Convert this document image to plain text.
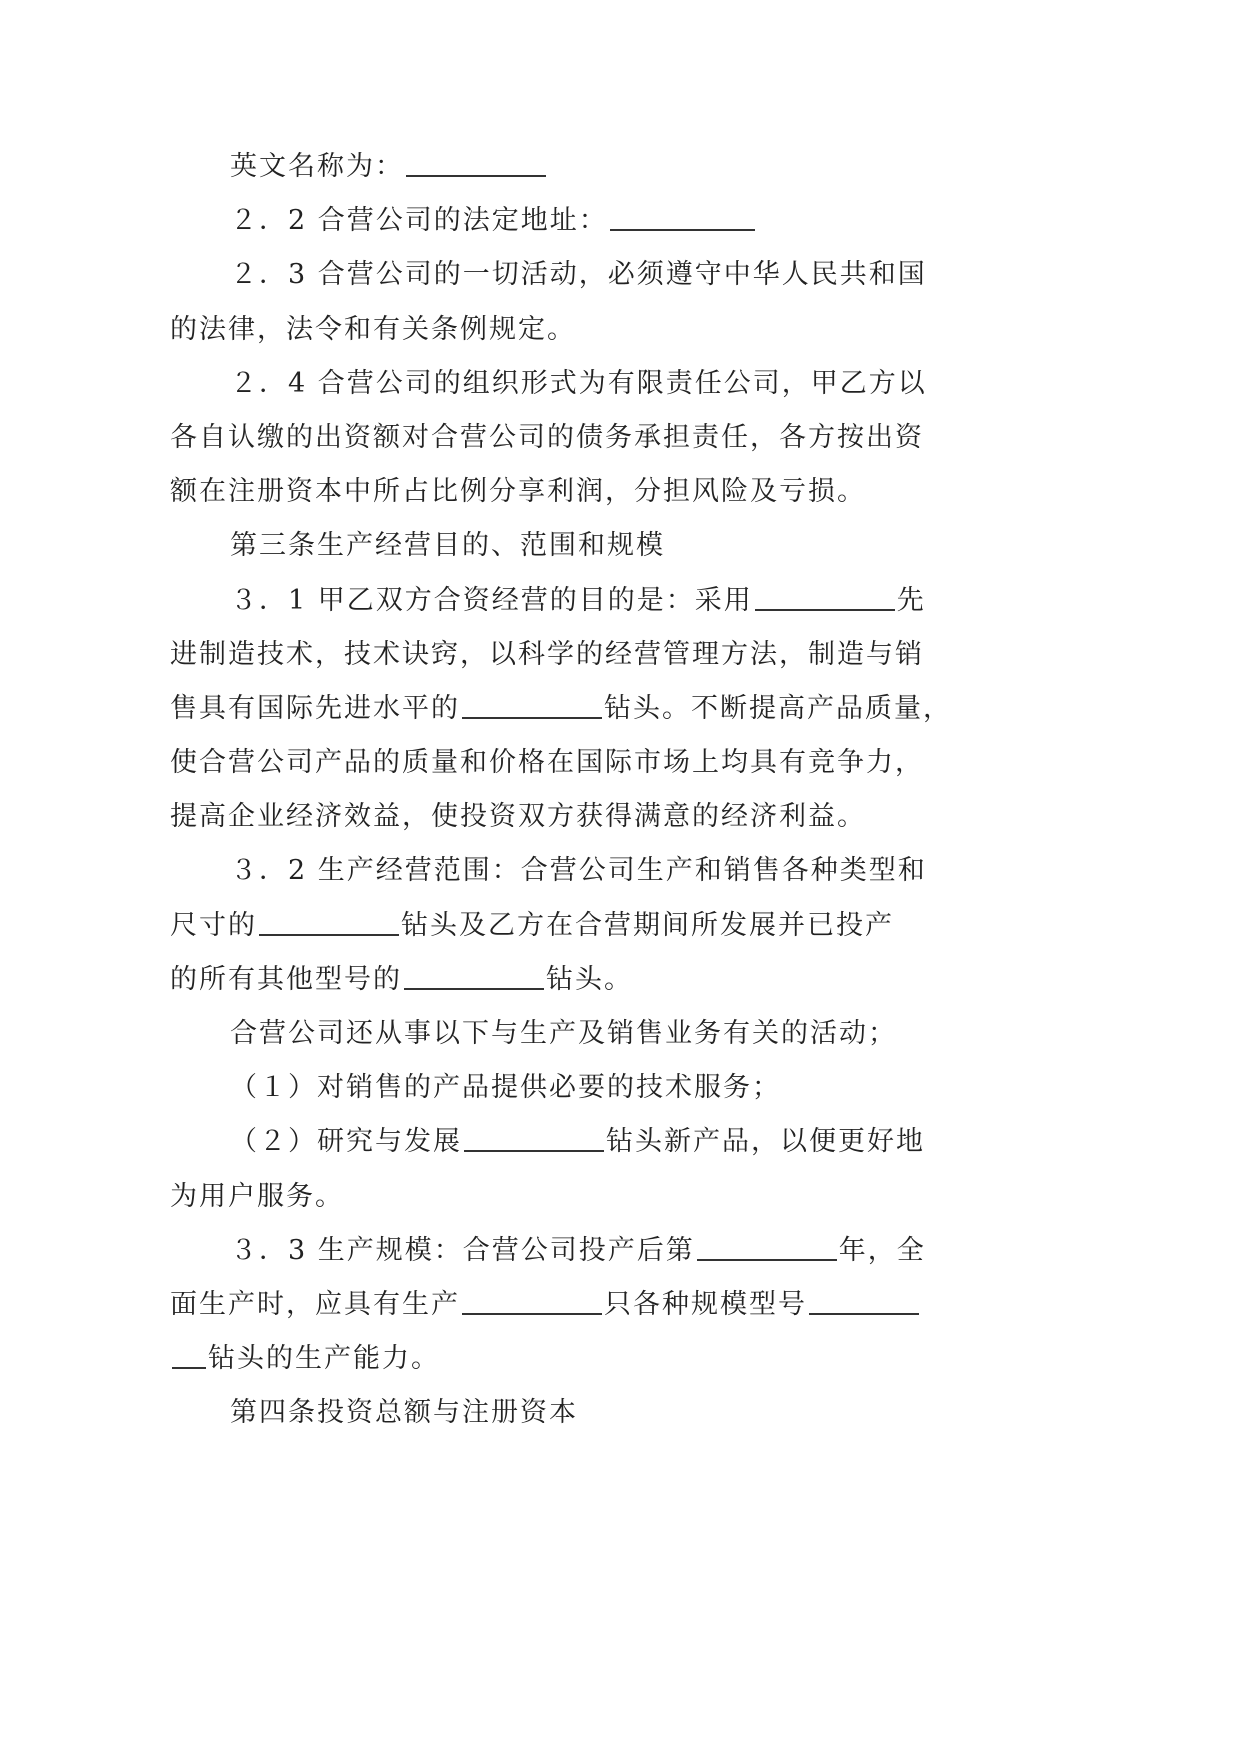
英文名称为：
２．2 合营公司的法定地址：
２．3 合营公司的一切活动，必须遵守中华人民共和国
的法律，法令和有关条例规定。
２．4 合营公司的组织形式为有限责任公司，甲乙方以
各自认缴的出资额对合营公司的债务承担责任，各方按出资
额在注册资本中所占比例分享利润，分担风险及亏损。
第三条生产经营目的、范围和规模
３．1 甲乙双方合资经营的目的是：采用	先
进制造技术，技术诀窍，以科学的经营管理方法，制造与销
售具有国际先进水平的	钻头。不断提高产品质量，
使合营公司产品的质量和价格在国际市场上均具有竞争力，
提高企业经济效益，使投资双方获得满意的经济利益。
３．2 生产经营范围：合营公司生产和销售各种类型和
尺寸的	钻头及乙方在合营期间所发展并已投产
的所有其他型号的	钻头。
合营公司还从事以下与生产及销售业务有关的活动；
（１）对销售的产品提供必要的技术服务；
（２）研究与发展	钻头新产品，以便更好地
为用户服务。
３．3 生产规模：合营公司投产后第	年，全
面生产时，应具有生产	只各种规模型号
钻头的生产能力。
第四条投资总额与注册资本
